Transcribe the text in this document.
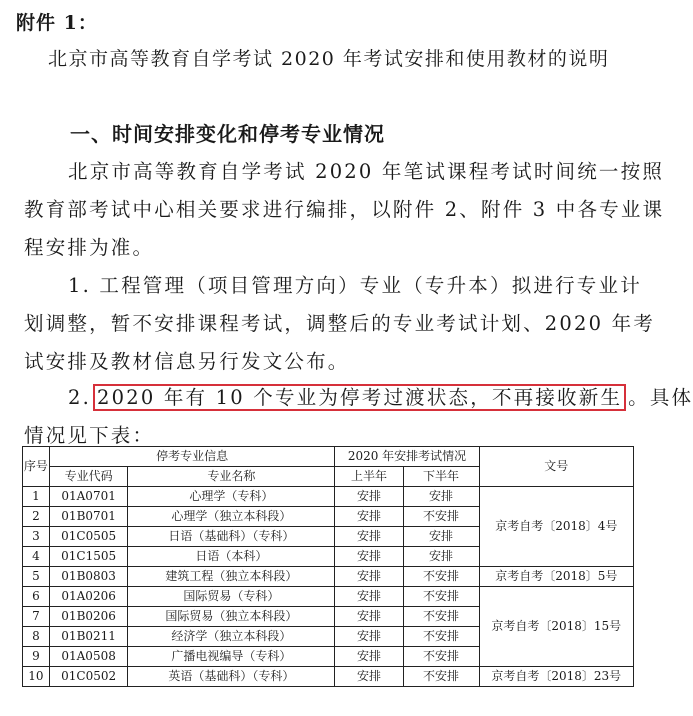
附件 1：
北京市高等教育自学考试 2020 年考试安排和使用教材的说明
一、时间安排变化和停考专业情况
北京市高等教育自学考试 2020 年笔试课程考试时间统一按照
教育部考试中心相关要求进行编排，以附件 2、附件 3 中各专业课
程安排为准。
1. 工程管理（项目管理方向）专业（专升本）拟进行专业计
划调整，暂不安排课程考试，调整后的专业考试计划、2020 年考
试安排及教材信息另行发文公布。
2. 2020 年有 10 个专业为停考过渡状态，不再接收新生 。具体
情况见下表：
序号	停考专业信息		2020 年安排考试情况		文号
	专业代码	专业名称	上半年	下半年	
1	01A0701	心理学（专科）	安排	安排	京考自考〔2018〕4号
2	01B0701	心理学（独立本科段）	安排	不安排	
3	01C0505	日语（基础科）（专科）	安排	安排	
4	01C1505	日语（本科）	安排	安排	
5	01B0803	建筑工程（独立本科段）	安排	不安排	京考自考〔2018〕5号
6	01A0206	国际贸易（专科）	安排	不安排	京考自考〔2018〕15号
7	01B0206	国际贸易（独立本科段）	安排	不安排	
8	01B0211	经济学（独立本科段）	安排	不安排	
9	01A0508	广播电视编导（专科）	安排	不安排	
10	01C0502	英语（基础科）（专科）	安排	不安排	京考自考〔2018〕23号
